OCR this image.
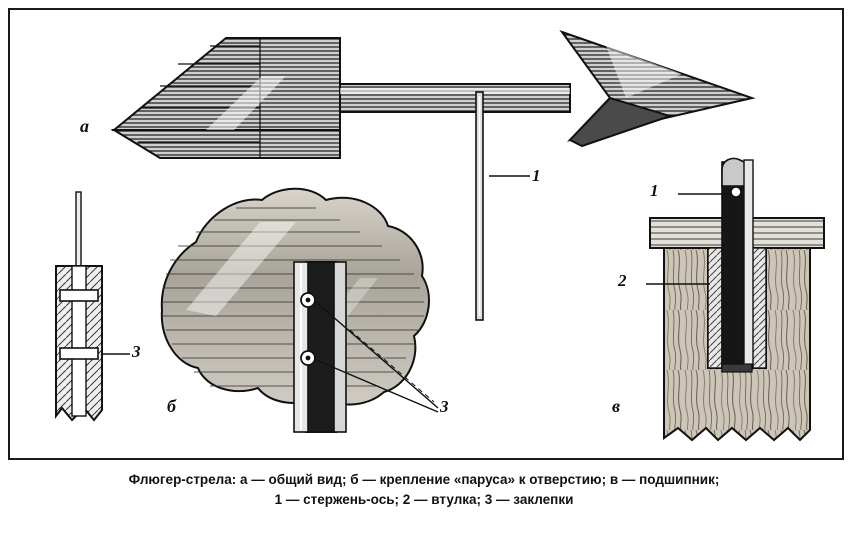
а
б	в
1
3
3
1
2
Флюгер-стрела: а — общий вид; б — крепление «паруса» к отверстию; в — подшипник;
1 — стержень-ось; 2 — втулка; 3 — заклепки
